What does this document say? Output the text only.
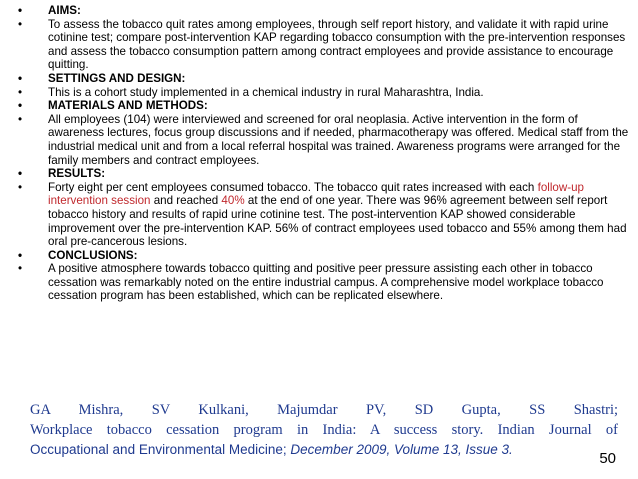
• AIMS:
• To assess the tobacco quit rates among employees, through self report history, and validate it with rapid urine cotinine test; compare post-intervention KAP regarding tobacco consumption with the pre-intervention responses and assess the tobacco consumption pattern among contract employees and provide assistance to encourage quitting.
• SETTINGS AND DESIGN:
• This is a cohort study implemented in a chemical industry in rural Maharashtra, India.
• MATERIALS AND METHODS:
• All employees (104) were interviewed and screened for oral neoplasia. Active intervention in the form of awareness lectures, focus group discussions and if needed, pharmacotherapy was offered. Medical staff from the industrial medical unit and from a local referral hospital was trained. Awareness programs were arranged for the family members and contract employees.
• RESULTS:
• Forty eight per cent employees consumed tobacco. The tobacco quit rates increased with each follow-up intervention session and reached 40% at the end of one year. There was 96% agreement between self report tobacco history and results of rapid urine cotinine test. The post-intervention KAP showed considerable improvement over the pre-intervention KAP. 56% of contract employees used tobacco and 55% among them had oral pre-cancerous lesions.
• CONCLUSIONS:
• A positive atmosphere towards tobacco quitting and positive peer pressure assisting each other in tobacco cessation was remarkably noted on the entire industrial campus. A comprehensive model workplace tobacco cessation program has been established, which can be replicated elsewhere.
GA Mishra, SV Kulkani, Majumdar PV, SD Gupta, SS Shastri;
Workplace tobacco cessation program in India: A success story. Indian Journal of
Occupational and Environmental Medicine; December 2009, Volume 13, Issue 3.
50
